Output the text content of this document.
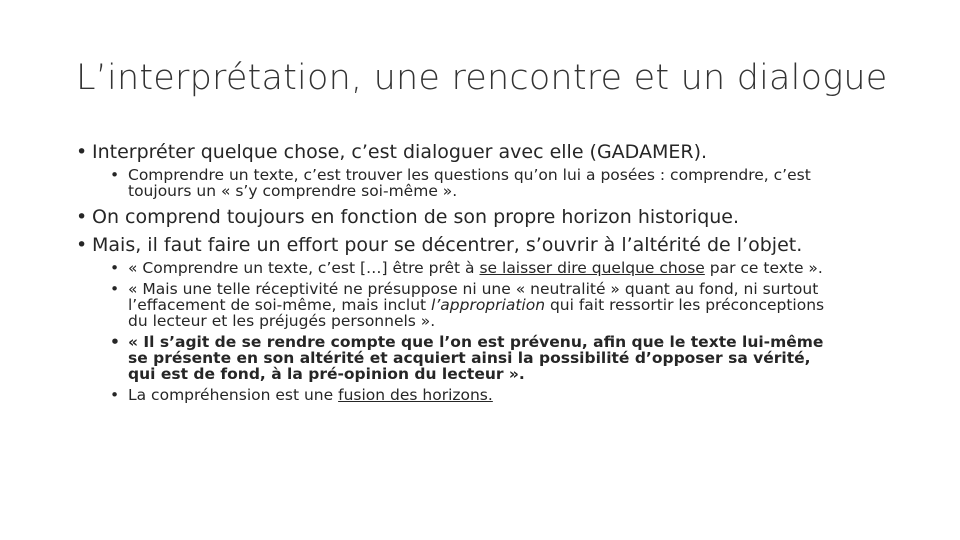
L’interprétation, une rencontre et un dialogue
• Interpréter quelque chose, c’est dialoguer avec elle (GADAMER).
• Comprendre un texte, c’est trouver les questions qu’on lui a posées : comprendre, c’est toujours un « s’y comprendre soi-même ».
• On comprend toujours en fonction de son propre horizon historique.
• Mais, il faut faire un effort pour se décentrer, s’ouvrir à l’altérité de l’objet.
• « Comprendre un texte, c’est […] être prêt à se laisser dire quelque chose par ce texte ».
• « Mais une telle réceptivité ne présuppose ni une « neutralité » quant au fond, ni surtout l’effacement de soi-même, mais inclut l’appropriation qui fait ressortir les préconceptions du lecteur et les préjugés personnels ».
• « Il s’agit de se rendre compte que l’on est prévenu, afin que le texte lui-même se présente en son altérité et acquiert ainsi la possibilité d’opposer sa vérité, qui est de fond, à la pré-opinion du lecteur ».
• La compréhension est une fusion des horizons.
